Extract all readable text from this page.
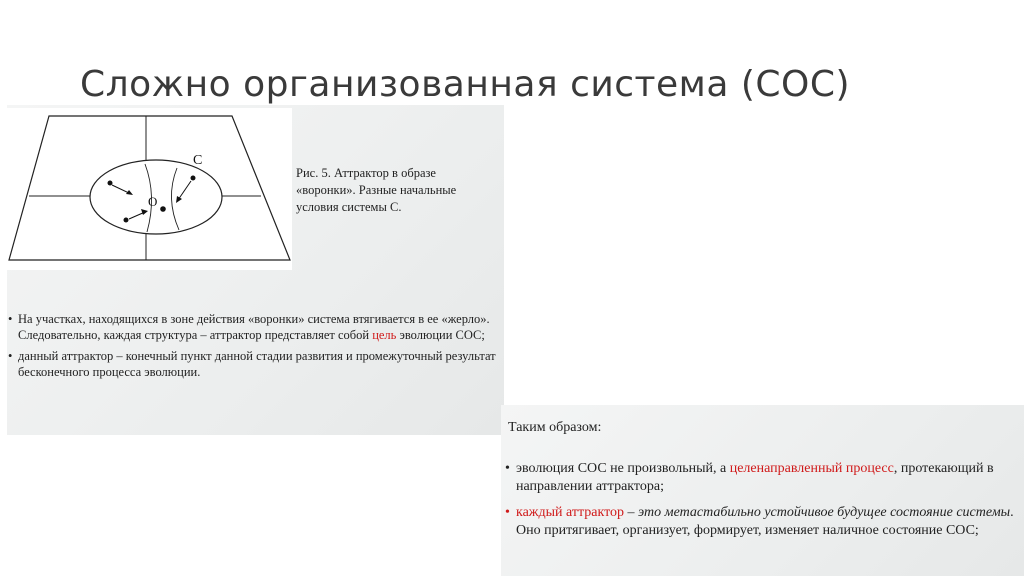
Сложно организованная система (СОС)
С
О
Рис. 5. Аттрактор в образе
«воронки». Разные начальные
условия системы С.
• На участках, находящихся в зоне действия «воронки» система втягивается в ее «жерло». Следовательно, каждая структура – аттрактор представляет собой цель эволюции СОС;
• данный аттрактор – конечный пункт данной стадии развития и промежуточный результат бесконечного процесса эволюции.
Таким образом:
• эволюция СОС не произвольный, а целенаправленный процесс, протекающий в направлении аттрактора;
• каждый аттрактор – это метастабильно устойчивое будущее состояние системы. Оно притягивает, организует, формирует, изменяет наличное состояние СОС;
